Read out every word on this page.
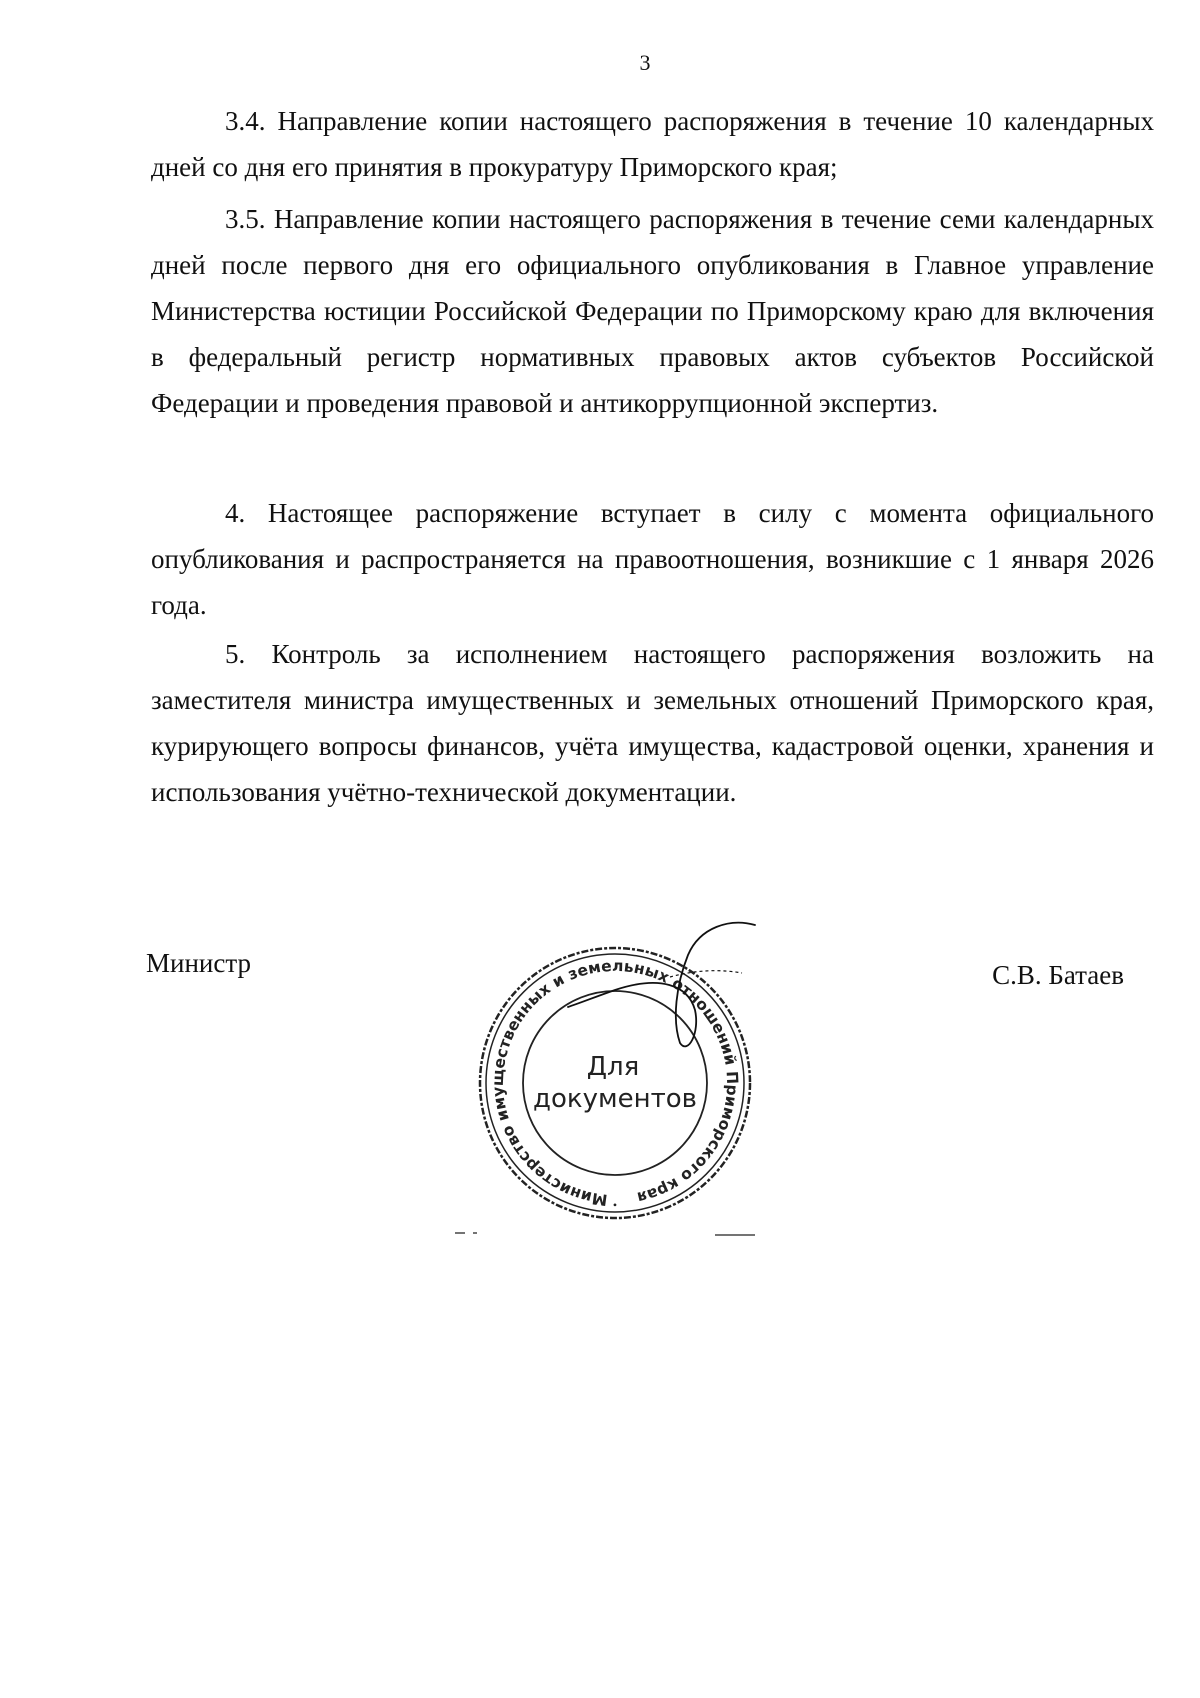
3
3.4. Направление копии настоящего распоряжения в течение 10 календарных дней со дня его принятия в прокуратуру Приморского края;
3.5. Направление копии настоящего распоряжения в течение семи календарных дней после первого дня его официального опубликования в Главное управление Министерства юстиции Российской Федерации по Приморскому краю для включения в федеральный регистр нормативных правовых актов субъектов Российской Федерации и проведения правовой и антикоррупционной экспертиз.
4. Настоящее распоряжение вступает в силу с момента официального опубликования и распространяется на правоотношения, возникшие с 1 января 2026 года.
5. Контроль за исполнением настоящего распоряжения возложить на заместителя министра имущественных и земельных отношений Приморского края, курирующего вопросы финансов, учёта имущества, кадастровой оценки, хранения и использования учётно-технической документации.
Министр	С.В. Батаев
Министерство имущественных и земельных отношений Приморского края
•
Для
документов
